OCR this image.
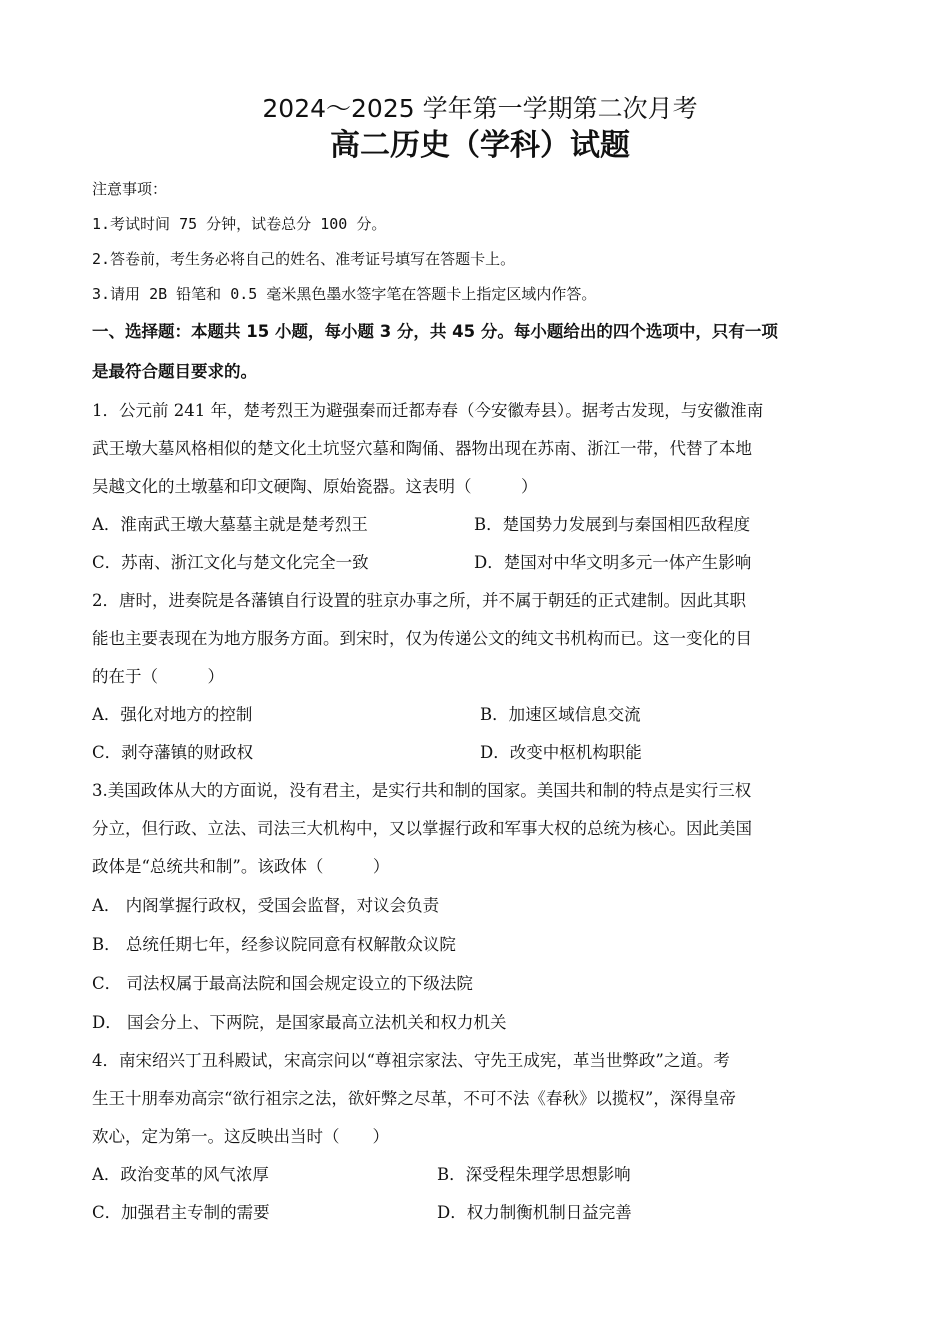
2024～2025 学年第一学期第二次月考
高二历史（学科）试题
注意事项：
1.考试时间 75 分钟，试卷总分 100 分。
2.答卷前，考生务必将自己的姓名、准考证号填写在答题卡上。
3.请用 2B 铅笔和 0.5 毫米黑色墨水签字笔在答题卡上指定区域内作答。
一、选择题：本题共 15 小题，每小题 3 分，共 45 分。每小题给出的四个选项中，只有一项
是最符合题目要求的。
1．公元前 241 年，楚考烈王为避强秦而迁都寿春（今安徽寿县）。据考古发现，与安徽淮南
武王墩大墓风格相似的楚文化土坑竖穴墓和陶俑、器物出现在苏南、浙江一带，代替了本地
吴越文化的土墩墓和印文硬陶、原始瓷器。这表明（　　　）
A．淮南武王墩大墓墓主就是楚考烈王	B．楚国势力发展到与秦国相匹敌程度
C．苏南、浙江文化与楚文化完全一致	D．楚国对中华文明多元一体产生影响
2．唐时，进奏院是各藩镇自行设置的驻京办事之所，并不属于朝廷的正式建制。因此其职
能也主要表现在为地方服务方面。到宋时，仅为传递公文的纯文书机构而已。这一变化的目
的在于（　　　）
A．强化对地方的控制	B．加速区域信息交流
C．剥夺藩镇的财政权	D．改变中枢机构职能
3.美国政体从大的方面说，没有君主，是实行共和制的国家。美国共和制的特点是实行三权
分立，但行政、立法、司法三大机构中，又以掌握行政和军事大权的总统为核心。因此美国
政体是“总统共和制”。该政体（　　　）
A． 内阁掌握行政权，受国会监督，对议会负责
B． 总统任期七年，经参议院同意有权解散众议院
C． 司法权属于最高法院和国会规定设立的下级法院
D． 国会分上、下两院，是国家最高立法机关和权力机关
4．南宋绍兴丁丑科殿试，宋高宗问以“尊祖宗家法、守先王成宪，革当世弊政”之道。考
生王十朋奉劝高宗“欲行祖宗之法，欲奸弊之尽革，不可不法《春秋》以揽权”，深得皇帝
欢心，定为第一。这反映出当时（　　）
A．政治变革的风气浓厚	B．深受程朱理学思想影响
C．加强君主专制的需要	D．权力制衡机制日益完善
